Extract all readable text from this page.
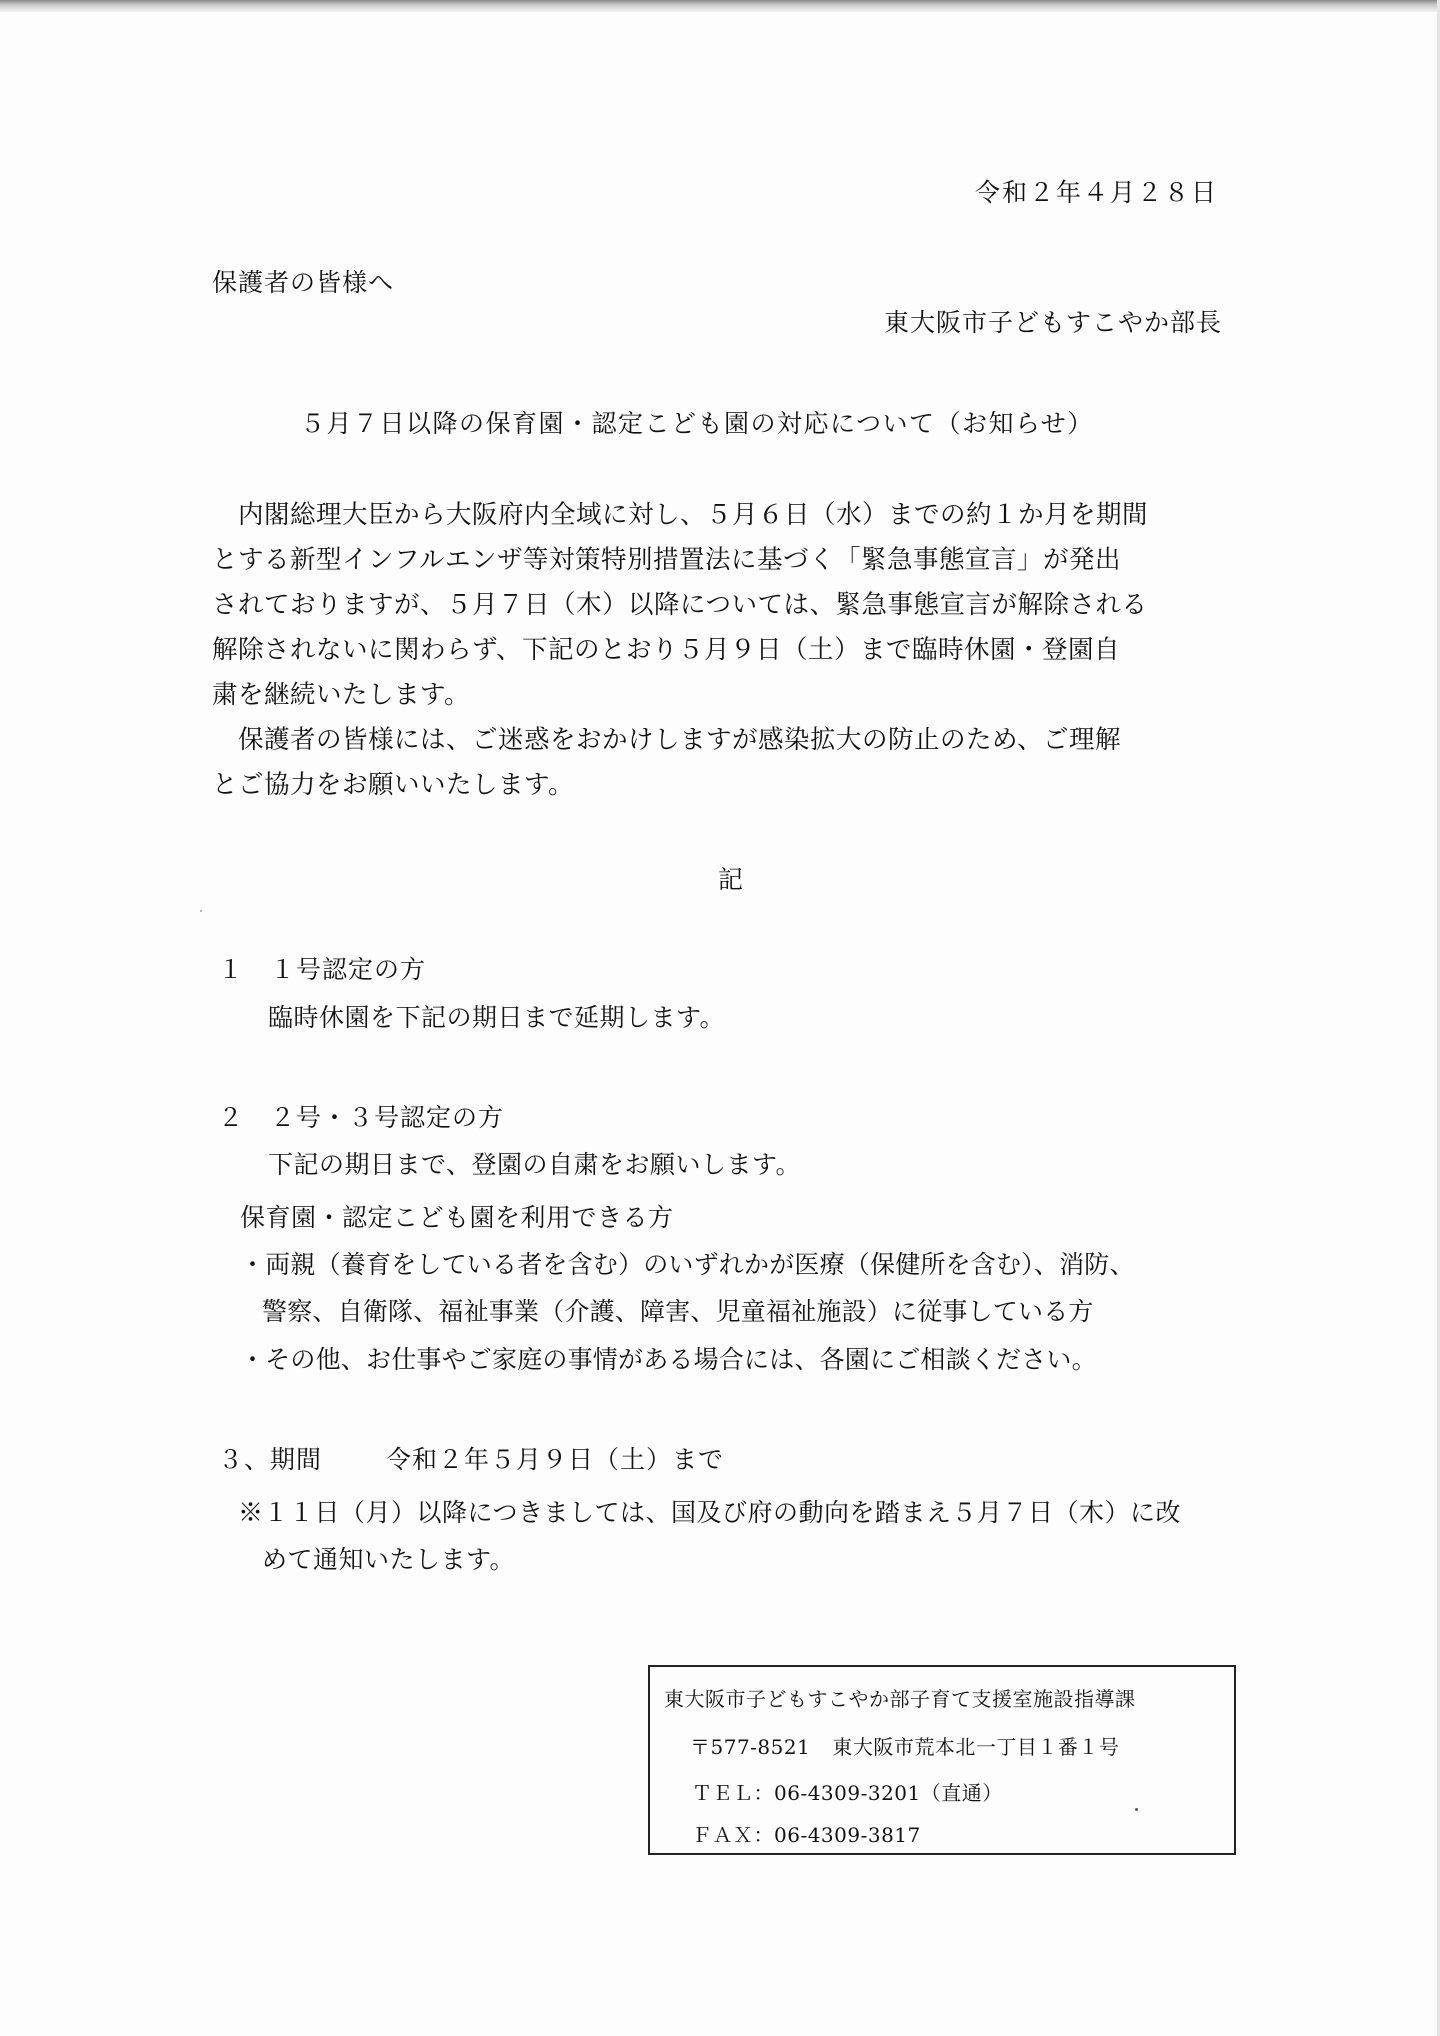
令和２年４月２８日
保護者の皆様へ
東大阪市子どもすこやか部長
５月７日以降の保育園・認定こども園の対応について（お知らせ）
　内閣総理大臣から大阪府内全域に対し、５月６日（水）までの約１か月を期間
とする新型インフルエンザ等対策特別措置法に基づく「緊急事態宣言」が発出
されておりますが、５月７日（木）以降については、緊急事態宣言が解除される
解除されないに関わらず、下記のとおり５月９日（土）まで臨時休園・登園自
粛を継続いたします。
　保護者の皆様には、ご迷惑をおかけしますが感染拡大の防止のため、ご理解
とご協力をお願いいたします。
記
１　１号認定の方
臨時休園を下記の期日まで延期します。
２　２号・３号認定の方
下記の期日まで、登園の自粛をお願いします。
保育園・認定こども園を利用できる方
・両親（養育をしている者を含む）のいずれかが医療（保健所を含む）、消防、
警察、自衛隊、福祉事業（介護、障害、児童福祉施設）に従事している方
・その他、お仕事やご家庭の事情がある場合には、各園にご相談ください。
３、期間	令和２年５月９日（土）まで
※１１日（月）以降につきましては、国及び府の動向を踏まえ５月７日（木）に改
めて通知いたします。
東大阪市子どもすこやか部子育て支援室施設指導課
〒577-8521 東大阪市荒本北一丁目１番１号
ＴＥＬ：06-4309-3201（直通）
ＦＡＸ：06-4309-3817
